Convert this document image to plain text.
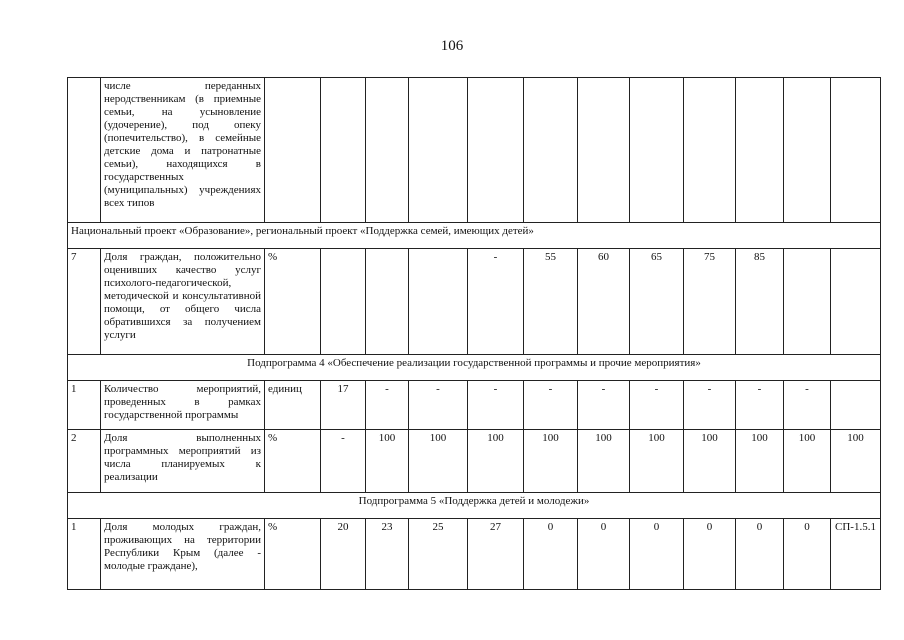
106
	числе переданных неродственникам (в приемные семьи, на усыновление (удочерение), под опеку (попечительство), в семейные детские дома и патронатные семьи), находящихся в государственных (муниципальных) учреждениях всех типов												
Национальный проект «Образование», региональный проект «Поддержка семей, имеющих детей»													
7	Доля граждан, положительно оценивших качество услуг психолого-педагогической, методической и консультативной помощи, от общего числа обратившихся за получением услуги	%				-	55	60	65	75	85		
Подпрограмма 4 «Обеспечение реализации государственной программы и прочие мероприятия»													
1	Количество мероприятий, проведенных в рамках государственной программы	единиц	17	-	-	-	-	-	-	-	-	-	
2	Доля выполненных программных мероприятий из числа планируемых к реализации	%	-	100	100	100	100	100	100	100	100	100	100
Подпрограмма 5 «Поддержка детей и молодежи»													
1	Доля молодых граждан, проживающих на территории Республики Крым (далее - молодые граждане),	%	20	23	25	27	0	0	0	0	0	0	СП-1.5.1
